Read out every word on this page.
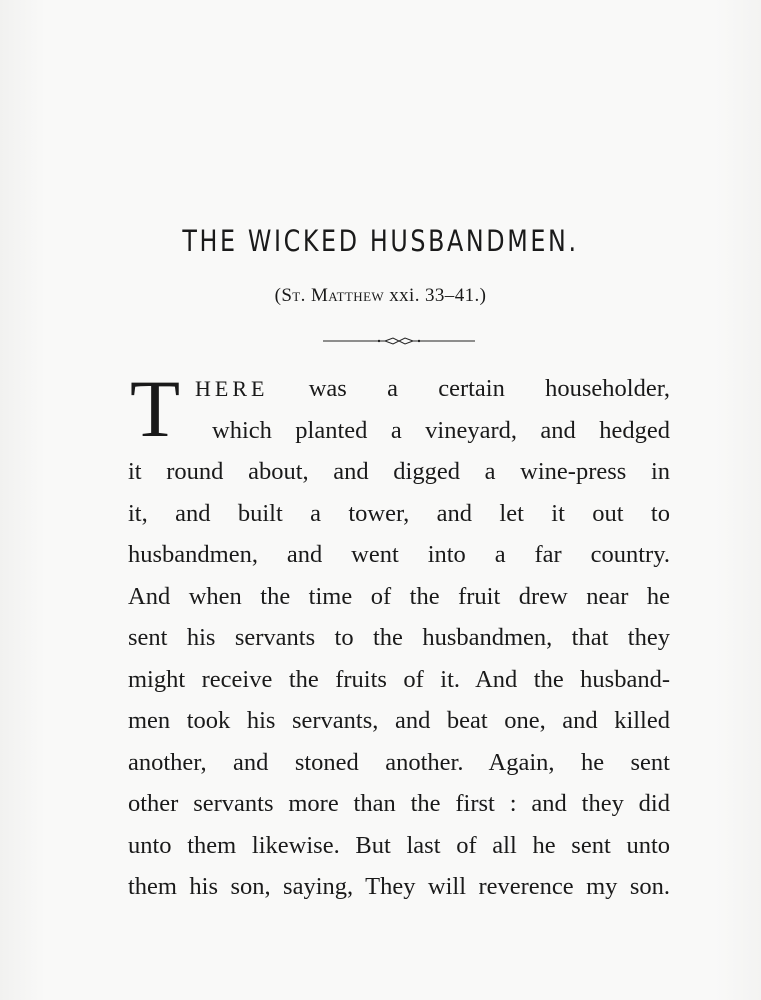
THE WICKED HUSBANDMEN.
(St. Matthew xxi. 33–41.)
T HERE was a certain householder,
which planted a vineyard, and hedged
it round about, and digged a wine-press in
it, and built a tower, and let it out to
husbandmen, and went into a far country.
And when the time of the fruit drew near he
sent his servants to the husbandmen, that they
might receive the fruits of it. And the husband-
men took his servants, and beat one, and killed
another, and stoned another. Again, he sent
other servants more than the first : and they did
unto them likewise. But last of all he sent unto
them his son, saying, They will reverence my son.
